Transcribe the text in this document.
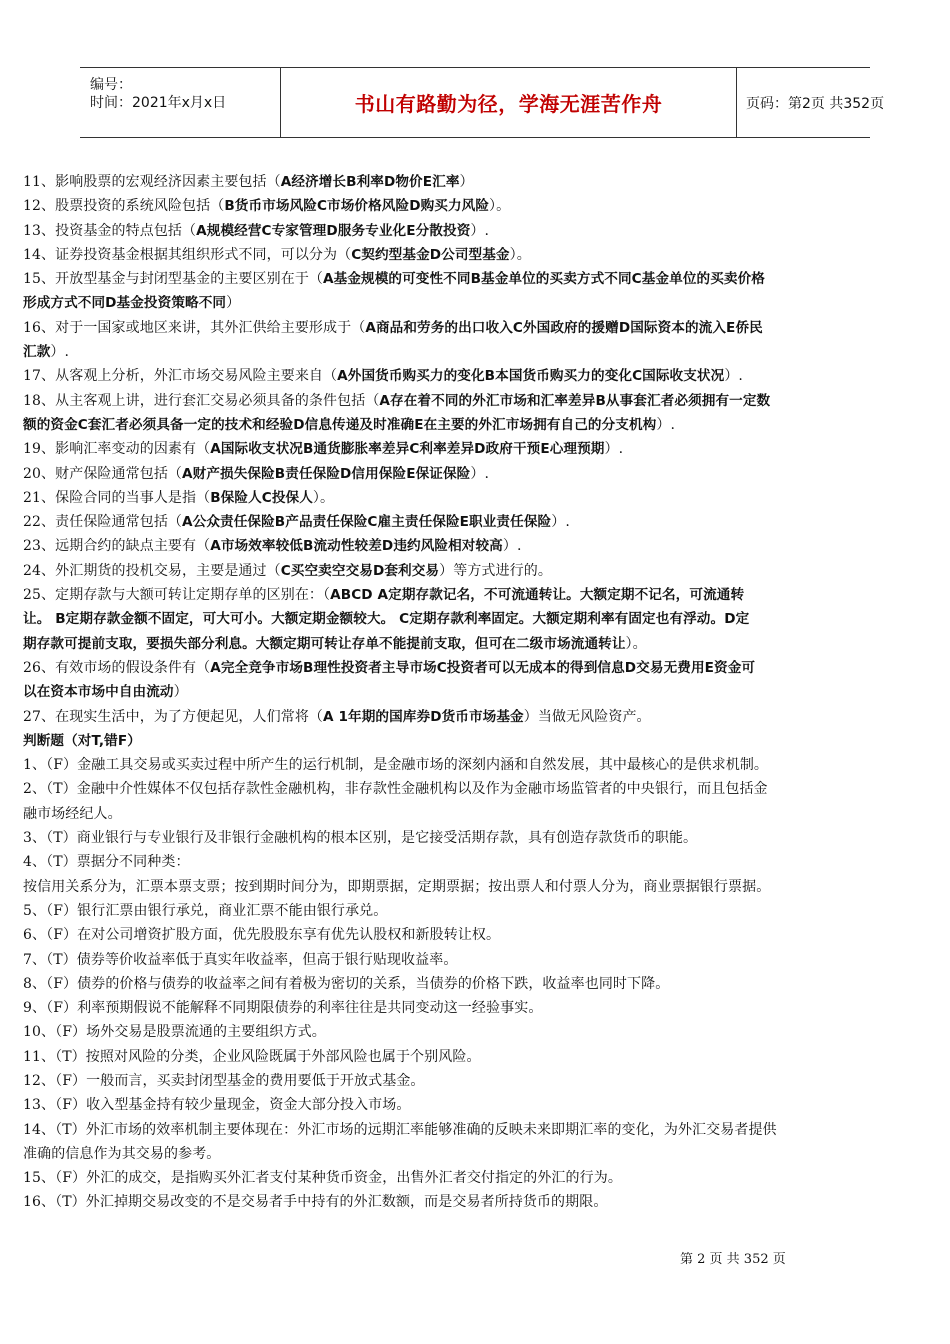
编号：
时间：2021年x月x日	书山有路勤为径，学海无涯苦作舟	页码：第2页 共352页

11、影响股票的宏观经济因素主要包括（A经济增长B利率D物价E汇率）

12、股票投资的系统风险包括（B货币市场风险C市场价格风险D购买力风险）。

13、投资基金的特点包括（A规模经营C专家管理D服务专业化E分散投资）.

14、证券投资基金根据其组织形式不同，可以分为（C契约型基金D公司型基金）。

15、开放型基金与封闭型基金的主要区别在于（A基金规模的可变性不同B基金单位的买卖方式不同C基金单位的买卖价格

形成方式不同D基金投资策略不同）

16、对于一国家或地区来讲，其外汇供给主要形成于（A商品和劳务的出口收入C外国政府的援赠D国际资本的流入E侨民

汇款）.

17、从客观上分析，外汇市场交易风险主要来自（A外国货币购买力的变化B本国货币购买力的变化C国际收支状况）.

18、从主客观上讲，进行套汇交易必须具备的条件包括（A存在着不同的外汇市场和汇率差异B从事套汇者必须拥有一定数

额的资金C套汇者必须具备一定的技术和经验D信息传递及时准确E在主要的外汇市场拥有自己的分支机构）.

19、影响汇率变动的因素有（A国际收支状况B通货膨胀率差异C利率差异D政府干预E心理预期）.

20、财产保险通常包括（A财产损失保险B责任保险D信用保险E保证保险）.

21、保险合同的当事人是指（B保险人C投保人）。

22、责任保险通常包括（A公众责任保险B产品责任保险C雇主责任保险E职业责任保险）.

23、远期合约的缺点主要有（A市场效率较低B流动性较差D违约风险相对较高）.

24、外汇期货的投机交易，主要是通过（C买空卖空交易D套利交易）等方式进行的。

25、定期存款与大额可转让定期存单的区别在：（ABCD A定期存款记名，不可流通转让。大额定期不记名，可流通转

让。 B定期存款金额不固定，可大可小。大额定期金额较大。 C定期存款利率固定。大额定期利率有固定也有浮动。D定

期存款可提前支取，要损失部分利息。大额定期可转让存单不能提前支取，但可在二级市场流通转让）。

26、有效市场的假设条件有（A完全竞争市场B理性投资者主导市场C投资者可以无成本的得到信息D交易无费用E资金可

以在资本市场中自由流动）

27、在现实生活中，为了方便起见，人们常将（A 1年期的国库券D货币市场基金）当做无风险资产。

判断题（对T,错F）

1、（F）金融工具交易或买卖过程中所产生的运行机制，是金融市场的深刻内涵和自然发展，其中最核心的是供求机制。

2、（T）金融中介性媒体不仅包括存款性金融机构，非存款性金融机构以及作为金融市场监管者的中央银行，而且包括金

融市场经纪人。

3、（T）商业银行与专业银行及非银行金融机构的根本区别，是它接受活期存款，具有创造存款货币的职能。

4、（T）票据分不同种类：

按信用关系分为，汇票本票支票；按到期时间分为，即期票据，定期票据；按出票人和付票人分为，商业票据银行票据。

5、（F）银行汇票由银行承兑，商业汇票不能由银行承兑。

6、（F）在对公司增资扩股方面，优先股股东享有优先认股权和新股转让权。

7、（T）债券等价收益率低于真实年收益率，但高于银行贴现收益率。

8、（F）债券的价格与债券的收益率之间有着极为密切的关系，当债券的价格下跌，收益率也同时下降。

9、（F）利率预期假说不能解释不同期限债券的利率往往是共同变动这一经验事实。

10、（F）场外交易是股票流通的主要组织方式。

11、（T）按照对风险的分类，企业风险既属于外部风险也属于个别风险。

12、（F）一般而言，买卖封闭型基金的费用要低于开放式基金。

13、（F）收入型基金持有较少量现金，资金大部分投入市场。

14、（T）外汇市场的效率机制主要体现在：外汇市场的远期汇率能够准确的反映未来即期汇率的变化，为外汇交易者提供

准确的信息作为其交易的参考。

15、（F）外汇的成交，是指购买外汇者支付某种货币资金，出售外汇者交付指定的外汇的行为。

16、（T）外汇掉期交易改变的不是交易者手中持有的外汇数额，而是交易者所持货币的期限。

第 2 页 共 352 页
